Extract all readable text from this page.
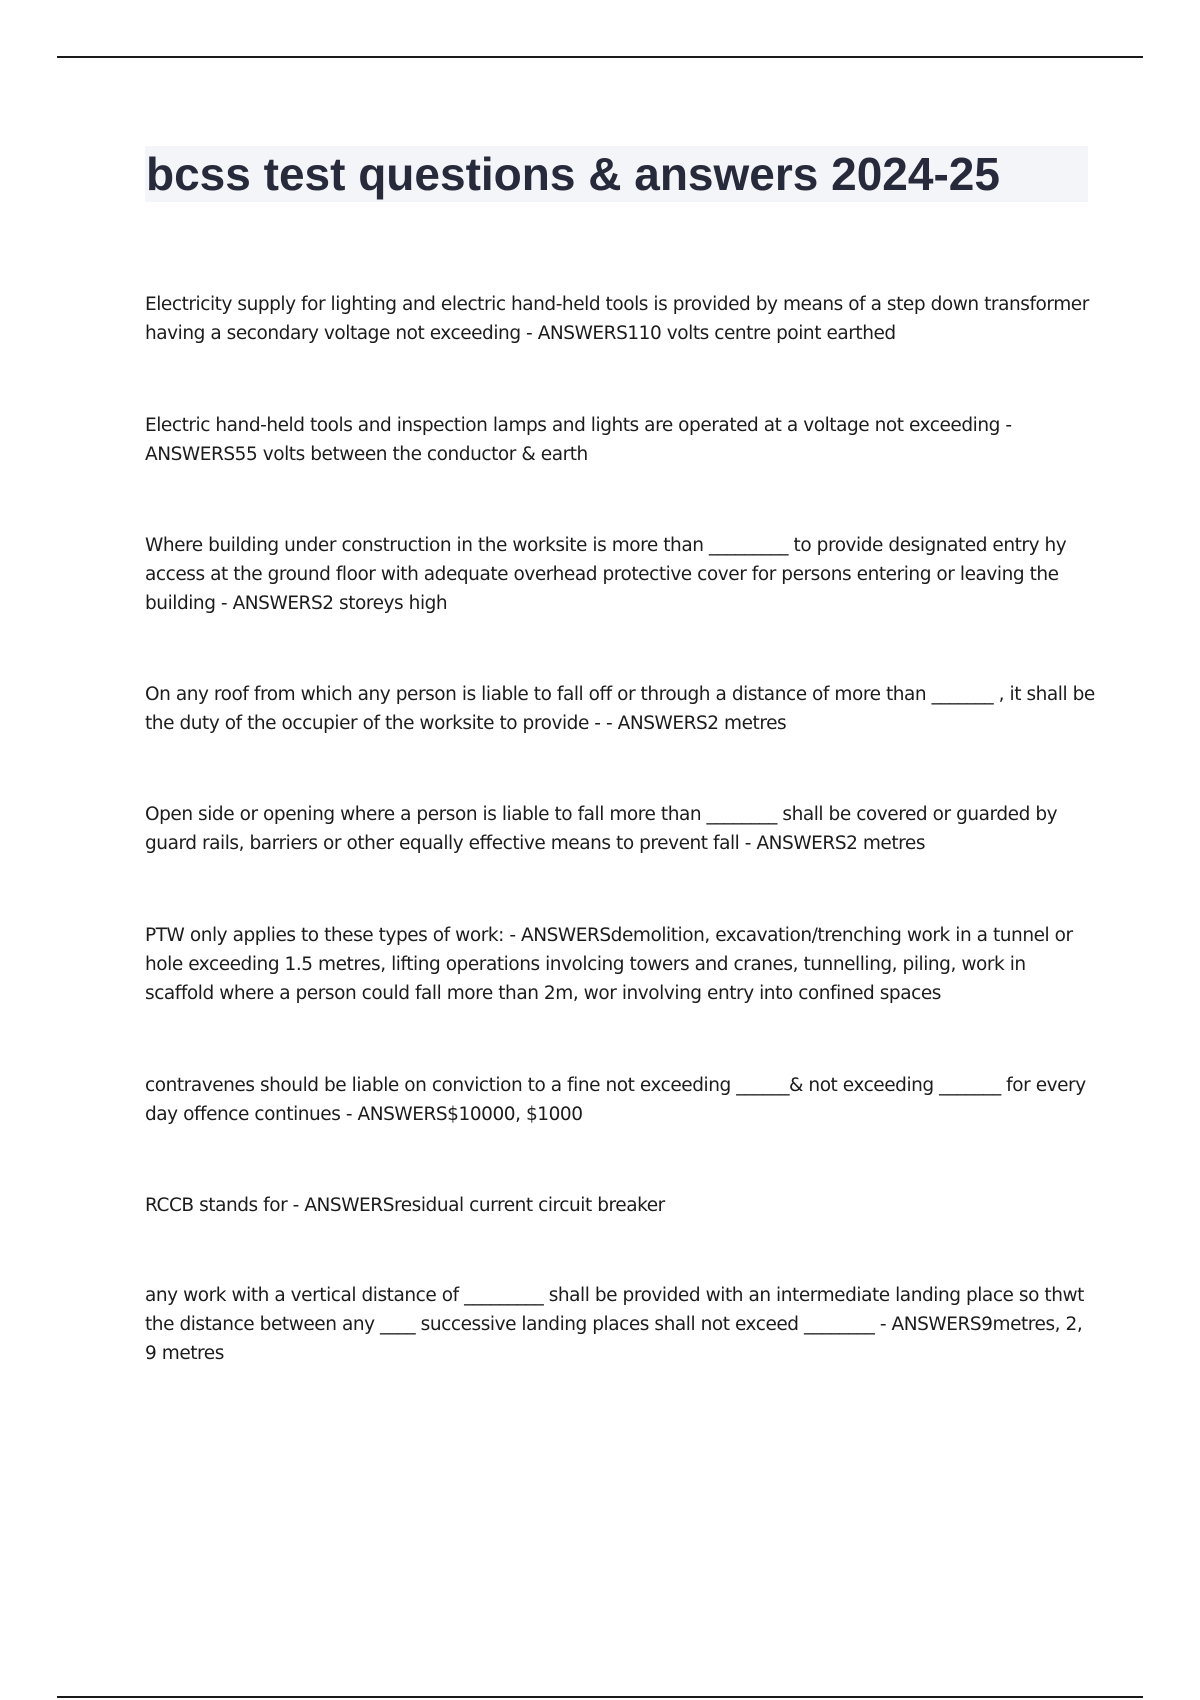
bcss test questions & answers 2024-25

Electricity supply for lighting and electric hand-held tools is provided by means of a step down transformer having a secondary voltage not exceeding - ANSWERS110 volts centre point earthed

Electric hand-held tools and inspection lamps and lights are operated at a voltage not exceeding - ANSWERS55 volts between the conductor & earth

Where building under construction in the worksite is more than _________ to provide designated entry hy access at the ground floor with adequate overhead protective cover for persons entering or leaving the building - ANSWERS2 storeys high

On any roof from which any person is liable to fall off or through a distance of more than _______ , it shall be the duty of the occupier of the worksite to provide - - ANSWERS2 metres

Open side or opening where a person is liable to fall more than ________ shall be covered or guarded by guard rails, barriers or other equally effective means to prevent fall - ANSWERS2 metres

PTW only applies to these types of work: - ANSWERSdemolition, excavation/trenching work in a tunnel or hole exceeding 1.5 metres, lifting operations involcing towers and cranes, tunnelling, piling, work in scaffold where a person could fall more than 2m, wor involving entry into confined spaces

contravenes should be liable on conviction to a fine not exceeding ______& not exceeding _______ for every day offence continues - ANSWERS$10000, $1000

RCCB stands for - ANSWERSresidual current circuit breaker

any work with a vertical distance of _________ shall be provided with an intermediate landing place so thwt the distance between any ____ successive landing places shall not exceed ________ - ANSWERS9metres, 2, 9 metres
